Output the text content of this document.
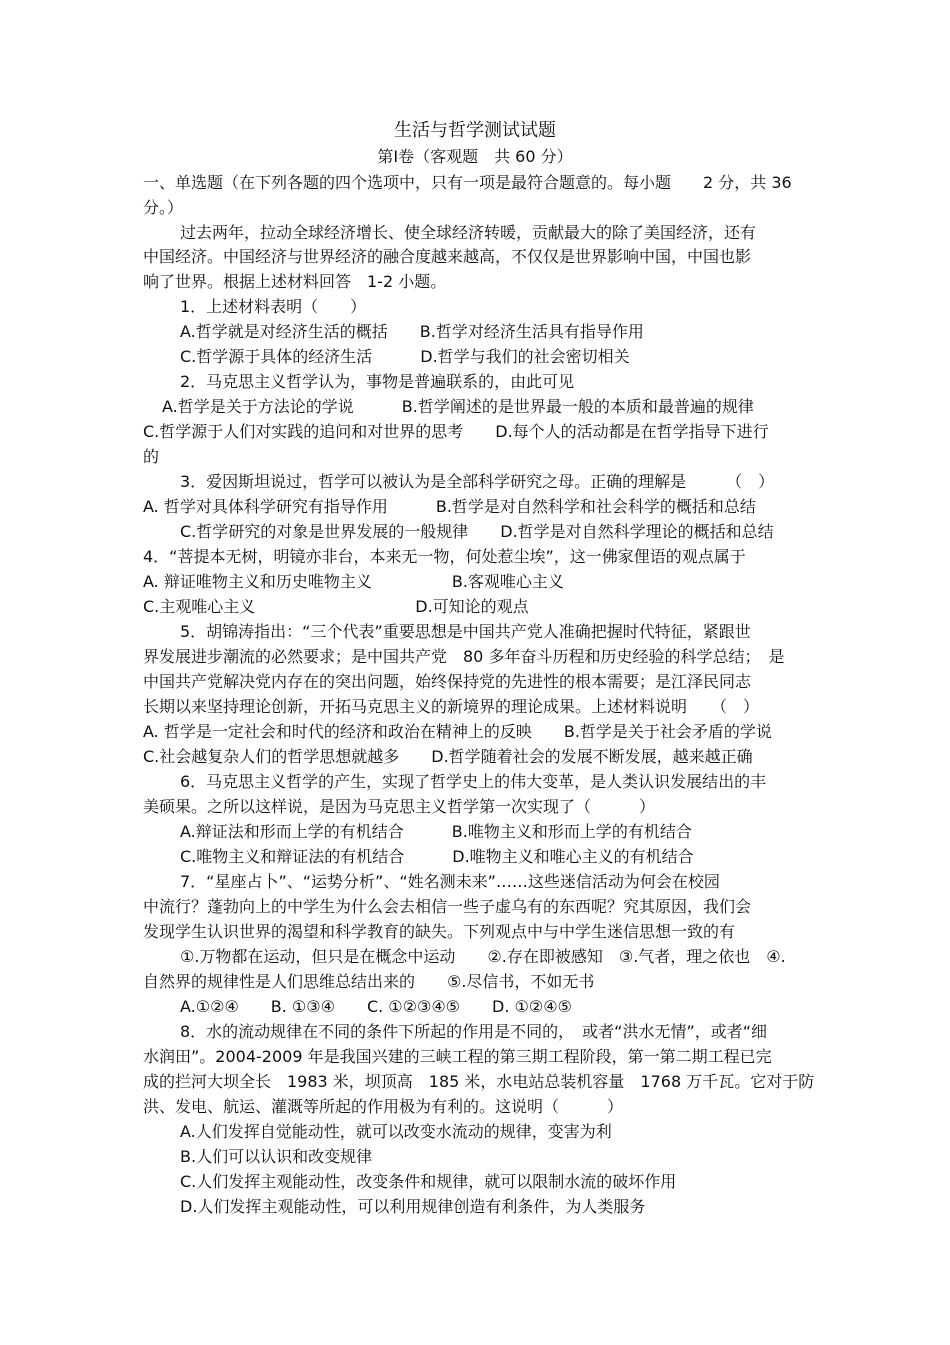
生活与哲学测试试题
第Ⅰ卷（客观题　共 60 分）
一、单选题（在下列各题的四个选项中，只有一项是最符合题意的。每小题　　2 分，共 36
分。）
过去两年，拉动全球经济增长、使全球经济转暖，贡献最大的除了美国经济，还有
中国经济。中国经济与世界经济的融合度越来越高，不仅仅是世界影响中国，中国也影
响了世界。根据上述材料回答　1-2 小题。
1．上述材料表明（　　）
A.哲学就是对经济生活的概括　　B.哲学对经济生活具有指导作用
C.哲学源于具体的经济生活　　　D.哲学与我们的社会密切相关
2．马克思主义哲学认为，事物是普遍联系的，由此可见
A.哲学是关于方法论的学说　　　B.哲学阐述的是世界最一般的本质和最普遍的规律
C.哲学源于人们对实践的追问和对世界的思考　　D.每个人的活动都是在哲学指导下进行
的
3．爱因斯坦说过，哲学可以被认为是全部科学研究之母。正确的理解是　　　（　）
A. 哲学对具体科学研究有指导作用　　　B.哲学是对自然科学和社会科学的概括和总结
C.哲学研究的对象是世界发展的一般规律　　D.哲学是对自然科学理论的概括和总结
4．“菩提本无树，明镜亦非台，本来无一物，何处惹尘埃”，这一佛家俚语的观点属于
A. 辩证唯物主义和历史唯物主义　　　　　B.客观唯心主义
C.主观唯心主义　　　　　　　　　　D.可知论的观点
5．胡锦涛指出：“三个代表”重要思想是中国共产党人准确把握时代特征，紧跟世
界发展进步潮流的必然要求；是中国共产党　80 多年奋斗历程和历史经验的科学总结；　是
中国共产党解决党内存在的突出问题，始终保持党的先进性的根本需要；是江泽民同志
长期以来坚持理论创新，开拓马克思主义的新境界的理论成果。上述材料说明　　（　）
A. 哲学是一定社会和时代的经济和政治在精神上的反映　　B.哲学是关于社会矛盾的学说
C.社会越复杂人们的哲学思想就越多　　D.哲学随着社会的发展不断发展，越来越正确
6．马克思主义哲学的产生，实现了哲学史上的伟大变革，是人类认识发展结出的丰
美硕果。之所以这样说，是因为马克思主义哲学第一次实现了（　　　）
A.辩证法和形而上学的有机结合　　　B.唯物主义和形而上学的有机结合
C.唯物主义和辩证法的有机结合　　　D.唯物主义和唯心主义的有机结合
7．“星座占卜”、“运势分析”、“姓名测未来”……这些迷信活动为何会在校园
中流行？蓬勃向上的中学生为什么会去相信一些子虚乌有的东西呢？究其原因，我们会
发现学生认识世界的渴望和科学教育的缺失。下列观点中与中学生迷信思想一致的有
①.万物都在运动，但只是在概念中运动　　②.存在即被感知　③.气者，理之依也　④.
自然界的规律性是人们思维总结出来的　　⑤.尽信书，不如无书
A.①②④　　B. ①③④　　C. ①②③④⑤　　D. ①②④⑤
8．水的流动规律在不同的条件下所起的作用是不同的，　或者“洪水无情”，或者“细
水润田”。2004-2009 年是我国兴建的三峡工程的第三期工程阶段，第一第二期工程已完
成的拦河大坝全长　1983 米，坝顶高　185 米，水电站总装机容量　1768 万千瓦。它对于防
洪、发电、航运、灌溉等所起的作用极为有利的。这说明（　　　）
A.人们发挥自觉能动性，就可以改变水流动的规律，变害为利
B.人们可以认识和改变规律
C.人们发挥主观能动性，改变条件和规律，就可以限制水流的破坏作用
D.人们发挥主观能动性，可以利用规律创造有利条件，为人类服务
